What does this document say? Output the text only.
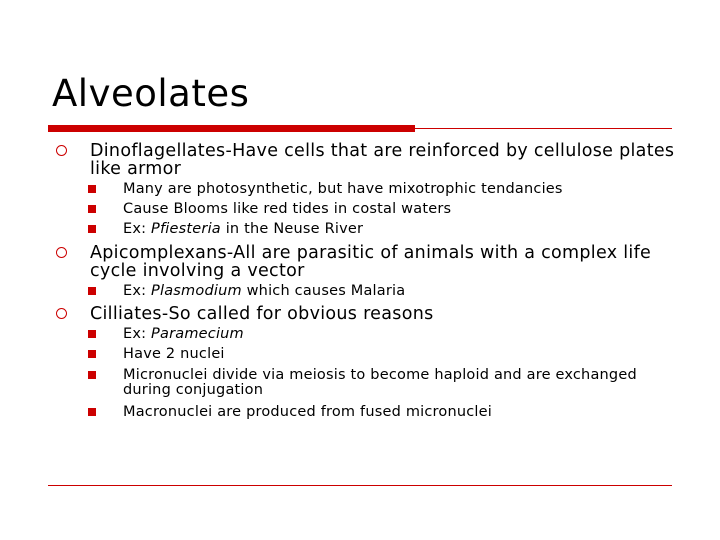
Alveolates
Dinoflagellates-Have cells that are reinforced by cellulose plates like armor
Many are photosynthetic, but have mixotrophic tendancies
Cause Blooms like red tides in costal waters
Ex: Pfiesteria in the Neuse River
Apicomplexans-All are parasitic of animals with a complex life cycle involving a vector
Ex: Plasmodium which causes Malaria
Cilliates-So called for obvious reasons
Ex: Paramecium
Have 2 nuclei
Micronuclei divide via meiosis to become haploid and are exchanged during conjugation
Macronuclei are produced from fused micronuclei
